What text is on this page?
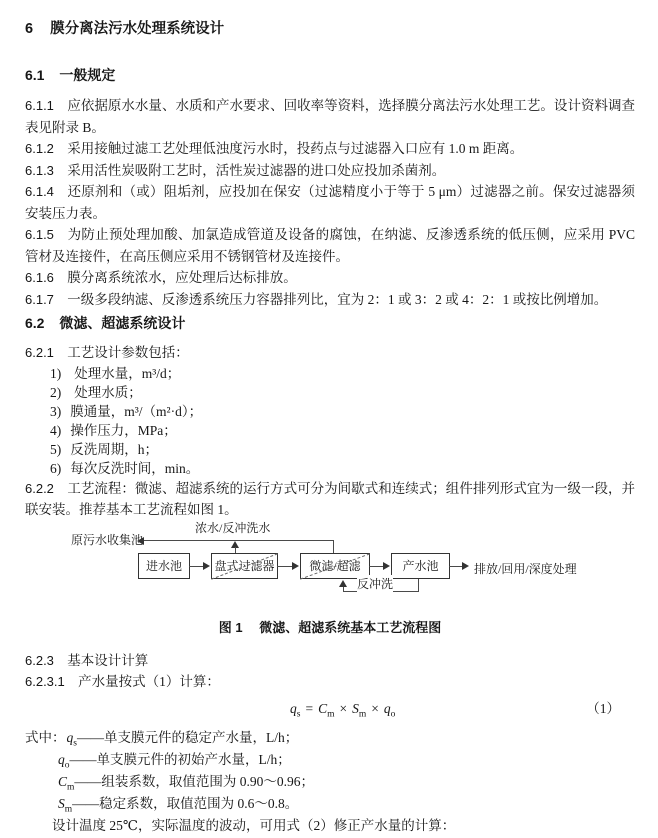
6 膜分离法污水处理系统设计
6.1 一般规定

6.1.1 应依据原水水量、水质和产水要求、回收率等资料，选择膜分离法污水处理工艺。设计资料调查表见附录 B。

6.1.2 采用接触过滤工艺处理低浊度污水时，投药点与过滤器入口应有 1.0 m 距离。

6.1.3 采用活性炭吸附工艺时，活性炭过滤器的进口处应投加杀菌剂。

6.1.4 还原剂和（或）阻垢剂，应投加在保安（过滤精度小于等于 5 μm）过滤器之前。保安过滤器须安装压力表。

6.1.5 为防止预处理加酸、加氯造成管道及设备的腐蚀，在纳滤、反渗透系统的低压侧，应采用 PVC 管材及连接件，在高压侧应采用不锈钢管材及连接件。

6.1.6 膜分离系统浓水，应处理后达标排放。

6.1.7 一级多段纳滤、反渗透系统压力容器排列比，宜为 2：1 或 3：2 或 4：2：1 或按比例增加。

6.2 微滤、超滤系统设计

6.2.1 工艺设计参数包括：

1) 处理水量，m³/d；

2) 处理水质；

3) 膜通量，m³/（m²·d）；

4) 操作压力，MPa；

5) 反洗周期，h；

6) 每次反洗时间，min。

6.2.2 工艺流程：微滤、超滤系统的运行方式可分为间歇式和连续式；组件排列形式宜为一级一段，并联安装。推荐基本工艺流程如图 1。

原污水收集池
浓水/反冲洗水
进水池	盘式过滤器	微滤/超滤	产水池	排放/回用/深度处理
反冲洗

图 1 微滤、超滤系统基本工艺流程图

6.2.3 基本设计计算

6.2.3.1 产水量按式（1）计算：

$q_s = C_m \times S_m \times q_o$	（1）

式中：$q_s——$单支膜元件的稳定产水量，L/h；

$q_o——$单支膜元件的初始产水量，L/h；

$C_m——$组装系数，取值范围为 0.90～0.96；

$S_m——$稳定系数，取值范围为 0.6～0.8。

设计温度 25℃，实际温度的波动，可用式（2）修正产水量的计算：
